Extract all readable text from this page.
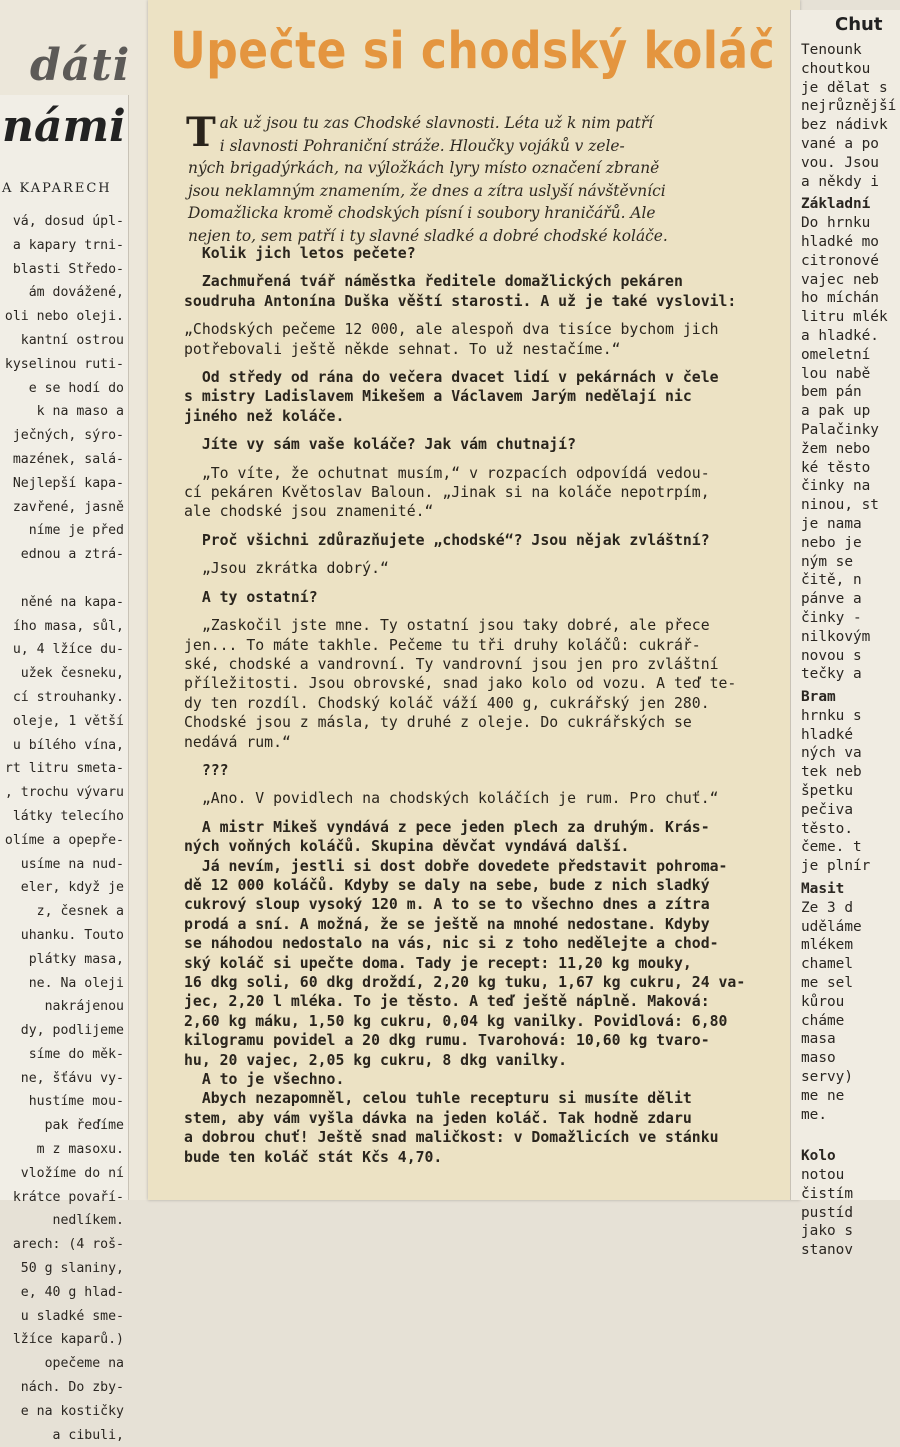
dáti
námi
A KAPARECH
vá, dosud úpl-
a kapary trni-
blasti Středo-
ám dovážené,
oli nebo oleji.
kantní ostrou
kyselinou ruti-
e se hodí do
k na maso a
ječných, sýro-
mazének, salá-
Nejlepší kapa-
zavřené, jasně
níme je před
ednou a ztrá-

něné na kapa-
ího masa, sůl,
u, 4 lžíce du-
užek česneku,
cí strouhanky.
oleje, 1 větší
u bílého vína,
rt litru smeta-
, trochu vývaru
látky telecího
olíme a opepře-
usíme na nud-
eler, když je
z, česnek a
uhanku. Touto
plátky masa,
ne. Na oleji
nakrájenou
dy, podlijeme
síme do měk-
ne, šťávu vy-
hustíme mou-
pak řeďíme
m z masoxu.
vložíme do ní
krátce povaří-
nedlíkem.
arech: (4 roš-
50 g slaniny,
e, 40 g hlad-
u sladké sme-
lžíce kaparů.)
opečeme na
nách. Do zby-
e na kostičky
a cibuli,
Upečte si chodský koláč
T ak už jsou tu zas Chodské slavnosti. Léta už k nim patří
i slavnosti Pohraniční stráže. Hloučky vojáků v zele-
ných brigadýrkách, na výložkách lyry místo označení zbraně
jsou neklamným znamením, že dnes a zítra uslyší návštěvníci
Domažlicka kromě chodských písní i soubory hraničářů. Ale
nejen to, sem patří i ty slavné sladké a dobré chodské koláče.
Kolik jich letos pečete?
Zachmuřená tvář náměstka ředitele domažlických pekáren
soudruha Antonína Duška věští starosti. A už je také vyslovil:
„Chodských pečeme 12 000, ale alespoň dva tisíce bychom jich
potřebovali ještě někde sehnat. To už nestačíme.“
Od středy od rána do večera dvacet lidí v pekárnách v čele
s mistry Ladislavem Mikešem a Václavem Jarým nedělají nic
jiného než koláče.
Jíte vy sám vaše koláče? Jak vám chutnají?
„To víte, že ochutnat musím,“ v rozpacích odpovídá vedou-
cí pekáren Květoslav Baloun. „Jinak si na koláče nepotrpím,
ale chodské jsou znamenité.“
Proč všichni zdůrazňujete „chodské“? Jsou nějak zvláštní?
„Jsou zkrátka dobrý.“
A ty ostatní?
„Zaskočil jste mne. Ty ostatní jsou taky dobré, ale přece
jen... To máte takhle. Pečeme tu tři druhy koláčů: cukrář-
ské, chodské a vandrovní. Ty vandrovní jsou jen pro zvláštní
příležitosti. Jsou obrovské, snad jako kolo od vozu. A teď te-
dy ten rozdíl. Chodský koláč váží 400 g, cukrářský jen 280.
Chodské jsou z másla, ty druhé z oleje. Do cukrářských se
nedává rum.“
???
„Ano. V povidlech na chodských koláčích je rum. Pro chuť.“
A mistr Mikeš vyndává z pece jeden plech za druhým. Krás-
ných voňných koláčů. Skupina děvčat vyndává další.
Já nevím, jestli si dost dobře dovedete představit pohroma-
dě 12 000 koláčů. Kdyby se daly na sebe, bude z nich sladký
cukrový sloup vysoký 120 m. A to se to všechno dnes a zítra
prodá a sní. A možná, že se ještě na mnohé nedostane. Kdyby
se náhodou nedostalo na vás, nic si z toho nedělejte a chod-
ský koláč si upečte doma. Tady je recept: 11,20 kg mouky,
16 dkg soli, 60 dkg droždí, 2,20 kg tuku, 1,67 kg cukru, 24 va-
jec, 2,20 l mléka. To je těsto. A teď ještě náplně. Maková:
2,60 kg máku, 1,50 kg cukru, 0,04 kg vanilky. Povidlová: 6,80
kilogramu povidel a 20 dkg rumu. Tvarohová: 10,60 kg tvaro-
hu, 20 vajec, 2,05 kg cukru, 8 dkg vanilky.
A to je všechno.
Abych nezapomněl, celou tuhle recepturu si musíte dělit
stem, aby vám vyšla dávka na jeden koláč. Tak hodně zdaru
a dobrou chuť! Ještě snad maličkost: v Domažlicích ve stánku
bude ten koláč stát Kčs 4,70.
Chut
Tenounk
choutkou
je dělat s
nejrůznější
bez nádivk
vané a po
vou. Jsou
a někdy i
Základní
Do hrnku
hladké mo
citronové
vajec neb
ho míchán
litru mlék
a hladké.
omeletní
lou nabě
bem pán
a pak up
Palačinky
žem nebo
ké těsto
činky na
ninou, st
je nama
nebo je
ným se
čitě, n
pánve a
činky -
nilkovým
novou s
tečky a
Bram
hrnku s
hladké
ných va
tek neb
špetku
pečiva
těsto.
čeme. t
je plnír
Masit
Ze 3 d
uděláme
mlékem
chamel
me sel
kůrou
cháme
masa
maso
servy)
me ne
me.

Kolo
notou
čistím
pustíd
jako s
stanov
